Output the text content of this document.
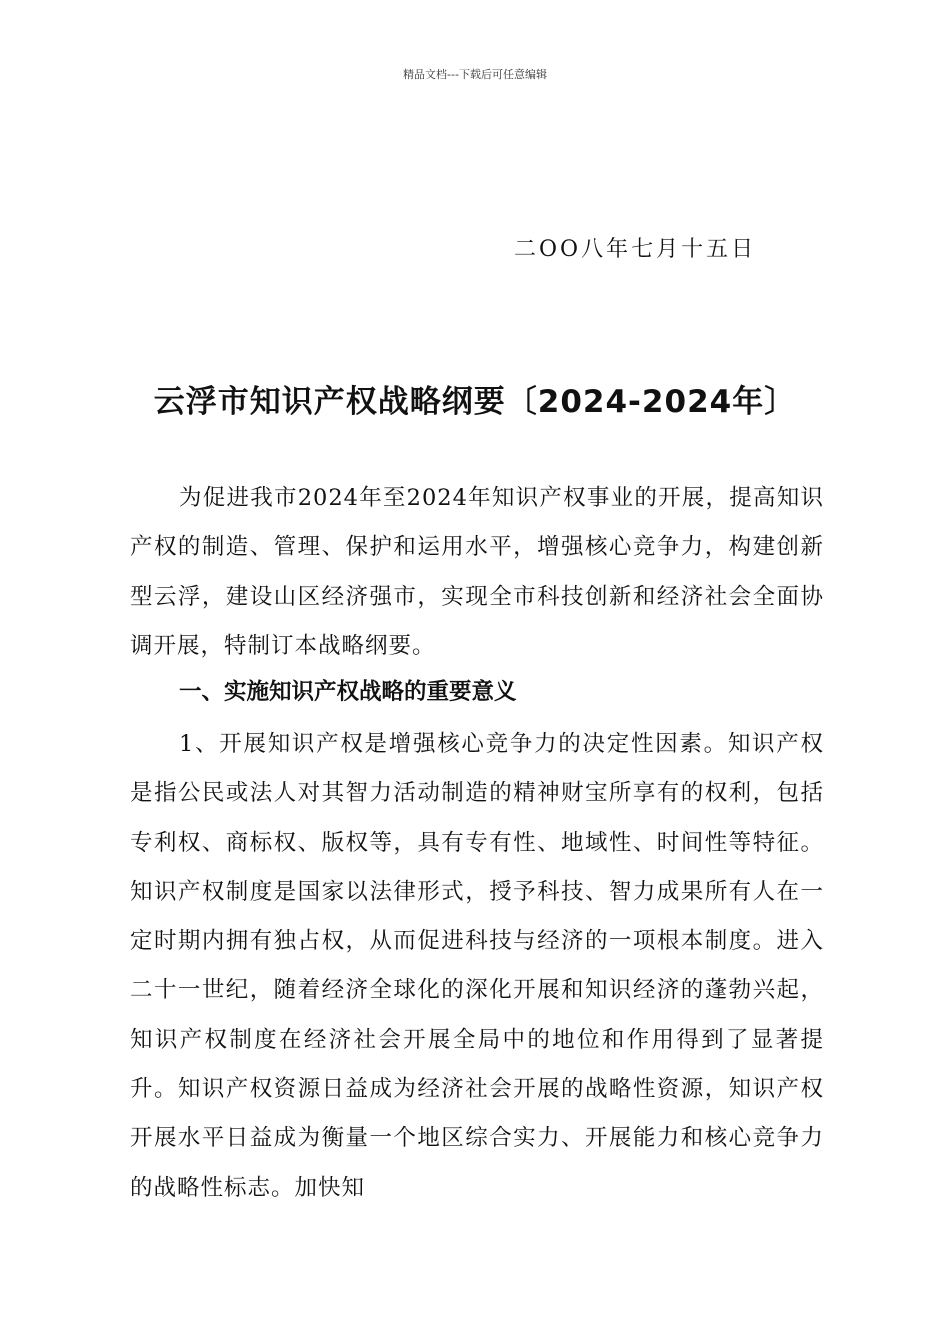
精品文档---下载后可任意编辑
二OO八年七月十五日
云浮市知识产权战略纲要〔2024-2024年〕
为促进我市2024年至2024年知识产权事业的开展，提高知识产权的制造、管理、保护和运用水平，增强核心竞争力，构建创新型云浮，建设山区经济强市，实现全市科技创新和经济社会全面协调开展，特制订本战略纲要。
一、实施知识产权战略的重要意义
1、开展知识产权是增强核心竞争力的决定性因素。知识产权是指公民或法人对其智力活动制造的精神财宝所享有的权利，包括专利权、商标权、版权等，具有专有性、地域性、时间性等特征。知识产权制度是国家以法律形式，授予科技、智力成果所有人在一定时期内拥有独占权，从而促进科技与经济的一项根本制度。进入二十一世纪，随着经济全球化的深化开展和知识经济的蓬勃兴起，知识产权制度在经济社会开展全局中的地位和作用得到了显著提升。知识产权资源日益成为经济社会开展的战略性资源，知识产权开展水平日益成为衡量一个地区综合实力、开展能力和核心竞争力的战略性标志。加快知
